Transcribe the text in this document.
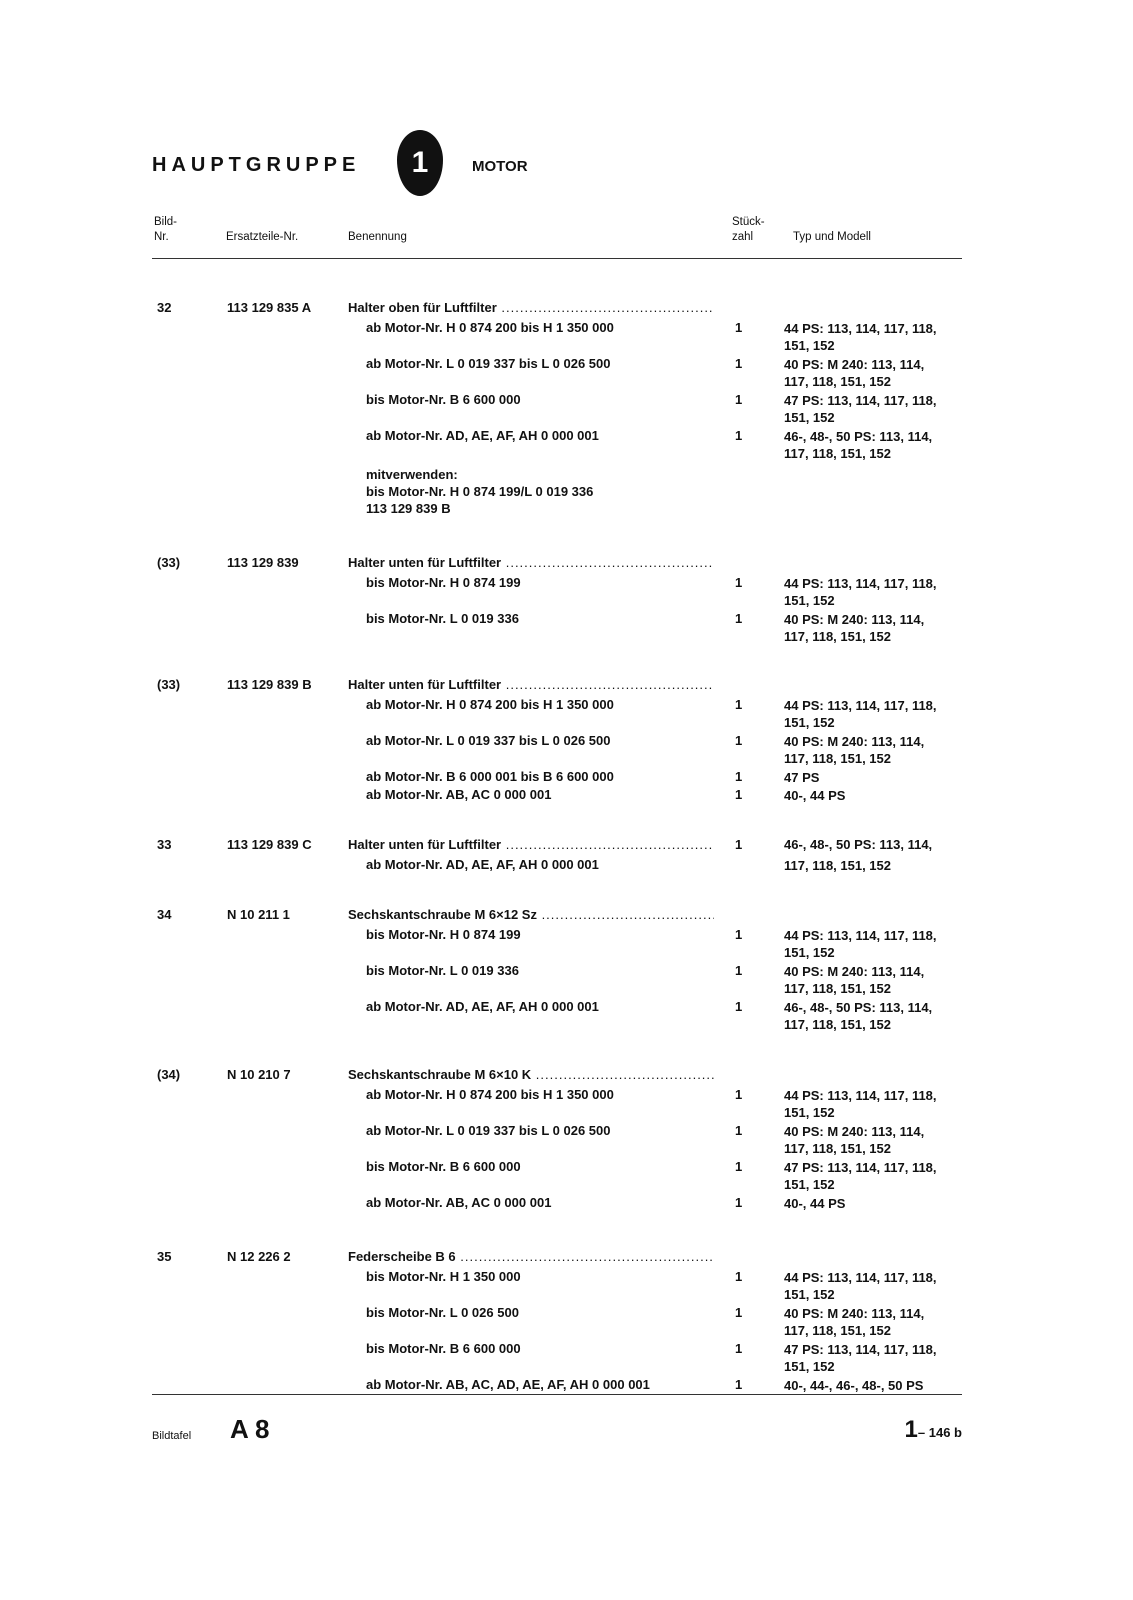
HAUPTGRUPPE	1	MOTOR
Bild-
Nr.	Ersatzteile-Nr.	Benennung
Stück-
zahl	Typ und Modell
32	113 129 835 A	Halter oben für Luftfilter .....
ab Motor-Nr. H 0 874 200 bis H 1 350 000	1	44 PS: 113, 114, 117, 118,
151, 152
ab Motor-Nr. L 0 019 337 bis L 0 026 500	1	40 PS: M 240: 113, 114,
117, 118, 151, 152
bis Motor-Nr. B 6 600 000	1	47 PS: 113, 114, 117, 118,
151, 152
ab Motor-Nr. AD, AE, AF, AH 0 000 001	1	46-, 48-, 50 PS: 113, 114,
117, 118, 151, 152
mitverwenden:
bis Motor-Nr. H 0 874 199/L 0 019 336
113 129 839 B
(33)	113 129 839	Halter unten für Luftfilter .....
bis Motor-Nr. H 0 874 199	1	44 PS: 113, 114, 117, 118,
151, 152
bis Motor-Nr. L 0 019 336	1	40 PS: M 240: 113, 114,
117, 118, 151, 152
(33)	113 129 839 B	Halter unten für Luftfilter .....
ab Motor-Nr. H 0 874 200 bis H 1 350 000	1	44 PS: 113, 114, 117, 118,
151, 152
ab Motor-Nr. L 0 019 337 bis L 0 026 500	1	40 PS: M 240: 113, 114,
117, 118, 151, 152
ab Motor-Nr. B 6 000 001 bis B 6 600 000	1	47 PS
ab Motor-Nr. AB, AC 0 000 001	1	40-, 44 PS
33	113 129 839 C	Halter unten für Luftfilter .....	1	46-, 48-, 50 PS: 113, 114,
ab Motor-Nr. AD, AE, AF, AH 0 000 001	117, 118, 151, 152
34	N 10 211 1	Sechskantschraube M 6×12 Sz .....
bis Motor-Nr. H 0 874 199	1	44 PS: 113, 114, 117, 118,
151, 152
bis Motor-Nr. L 0 019 336	1	40 PS: M 240: 113, 114,
117, 118, 151, 152
ab Motor-Nr. AD, AE, AF, AH 0 000 001	1	46-, 48-, 50 PS: 113, 114,
117, 118, 151, 152
(34)	N 10 210 7	Sechskantschraube M 6×10 K .....
ab Motor-Nr. H 0 874 200 bis H 1 350 000	1	44 PS: 113, 114, 117, 118,
151, 152
ab Motor-Nr. L 0 019 337 bis L 0 026 500	1	40 PS: M 240: 113, 114,
117, 118, 151, 152
bis Motor-Nr. B 6 600 000	1	47 PS: 113, 114, 117, 118,
151, 152
ab Motor-Nr. AB, AC 0 000 001	1	40-, 44 PS
35	N 12 226 2	Federscheibe B 6 .....
bis Motor-Nr. H 1 350 000	1	44 PS: 113, 114, 117, 118,
151, 152
bis Motor-Nr. L 0 026 500	1	40 PS: M 240: 113, 114,
117, 118, 151, 152
bis Motor-Nr. B 6 600 000	1	47 PS: 113, 114, 117, 118,
151, 152
ab Motor-Nr. AB, AC, AD, AE, AF, AH 0 000 001	1	40-, 44-, 46-, 48-, 50 PS
Bildtafel A 8	1– 146 b
